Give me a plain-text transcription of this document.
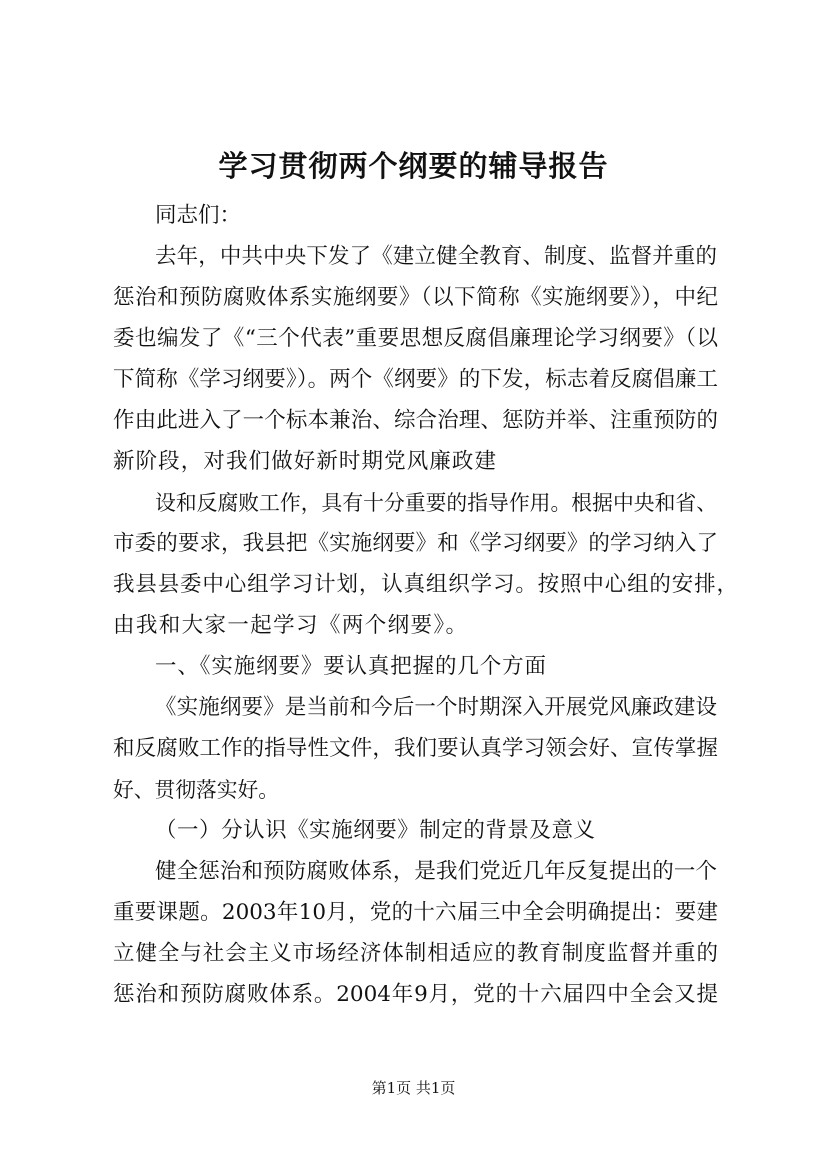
学习贯彻两个纲要的辅导报告
同志们：
去年，中共中央下发了《建立健全教育、制度、监督并重的
惩治和预防腐败体系实施纲要》（以下简称《实施纲要》），中纪
委也编发了《“三个代表”重要思想反腐倡廉理论学习纲要》（以
下简称《学习纲要》）。两个《纲要》的下发，标志着反腐倡廉工
作由此进入了一个标本兼治、综合治理、惩防并举、注重预防的
新阶段，对我们做好新时期党风廉政建
设和反腐败工作，具有十分重要的指导作用。根据中央和省、
市委的要求，我县把《实施纲要》和《学习纲要》的学习纳入了
我县县委中心组学习计划，认真组织学习。按照中心组的安排，
由我和大家一起学习《两个纲要》。
一、《实施纲要》要认真把握的几个方面
《实施纲要》是当前和今后一个时期深入开展党风廉政建设
和反腐败工作的指导性文件，我们要认真学习领会好、宣传掌握
好、贯彻落实好。
（一）分认识《实施纲要》制定的背景及意义
健全惩治和预防腐败体系，是我们党近几年反复提出的一个
重要课题。2003年10月，党的十六届三中全会明确提出：要建
立健全与社会主义市场经济体制相适应的教育制度监督并重的
惩治和预防腐败体系。2004年9月，党的十六届四中全会又提
第1页 共1页
